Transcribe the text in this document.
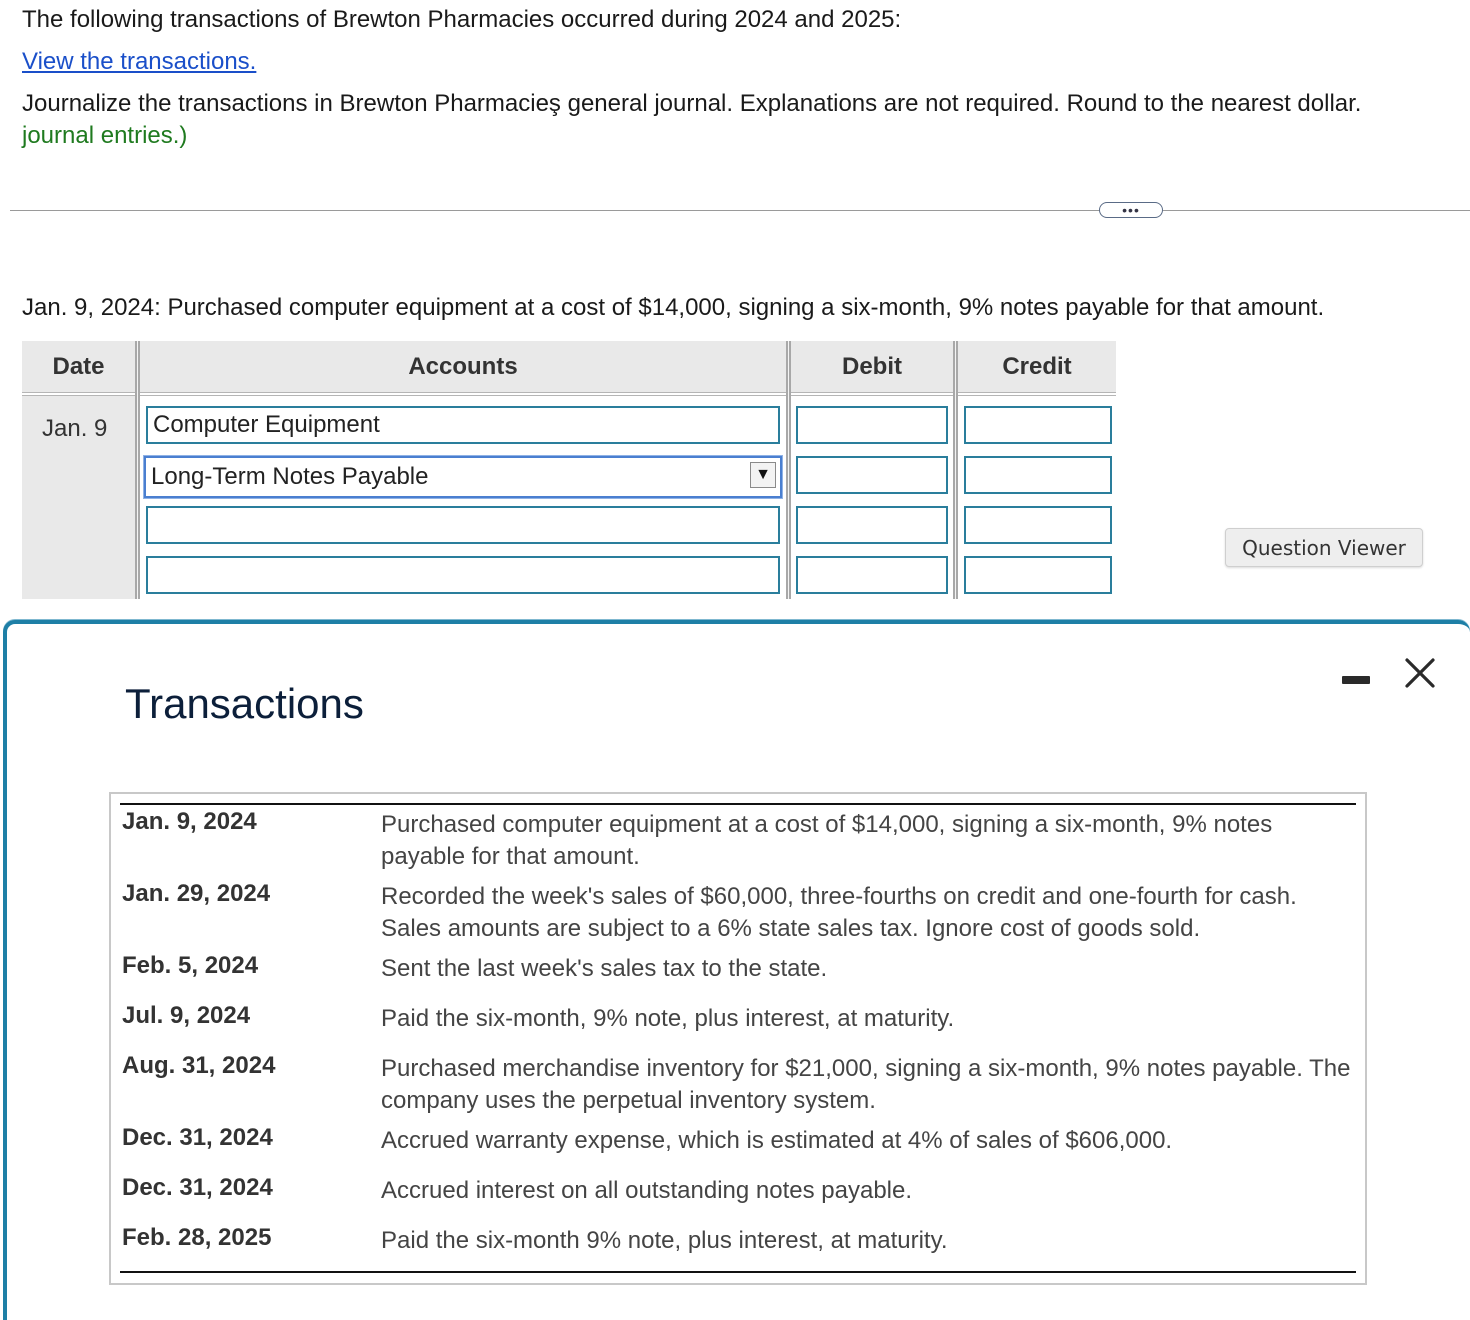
The following transactions of Brewton Pharmacies occurred during 2024 and 2025:
View the transactions.
Journalize the transactions in Brewton Pharmacieş general journal. Explanations are not required. Round to the nearest dollar.
journal entries.)
•••
Jan. 9, 2024: Purchased computer equipment at a cost of $14,000, signing a six-month, 9% notes payable for that amount.
Date	Accounts	Debit	Credit
Jan. 9 Computer Equipment
Long-Term Notes Payable	▼
Question Viewer
Transactions
Jan. 9, 2024	Purchased computer equipment at a cost of $14,000, signing a six-month, 9% notes payable for that amount.
Jan. 29, 2024	Recorded the week's sales of $60,000, three-fourths on credit and one-fourth for cash. Sales amounts are subject to a 6% state sales tax. Ignore cost of goods sold.
Feb. 5, 2024	Sent the last week's sales tax to the state.
Jul. 9, 2024	Paid the six-month, 9% note, plus interest, at maturity.
Aug. 31, 2024	Purchased merchandise inventory for $21,000, signing a six-month, 9% notes payable. The company uses the perpetual inventory system.
Dec. 31, 2024	Accrued warranty expense, which is estimated at 4% of sales of $606,000.
Dec. 31, 2024	Accrued interest on all outstanding notes payable.
Feb. 28, 2025	Paid the six-month 9% note, plus interest, at maturity.
